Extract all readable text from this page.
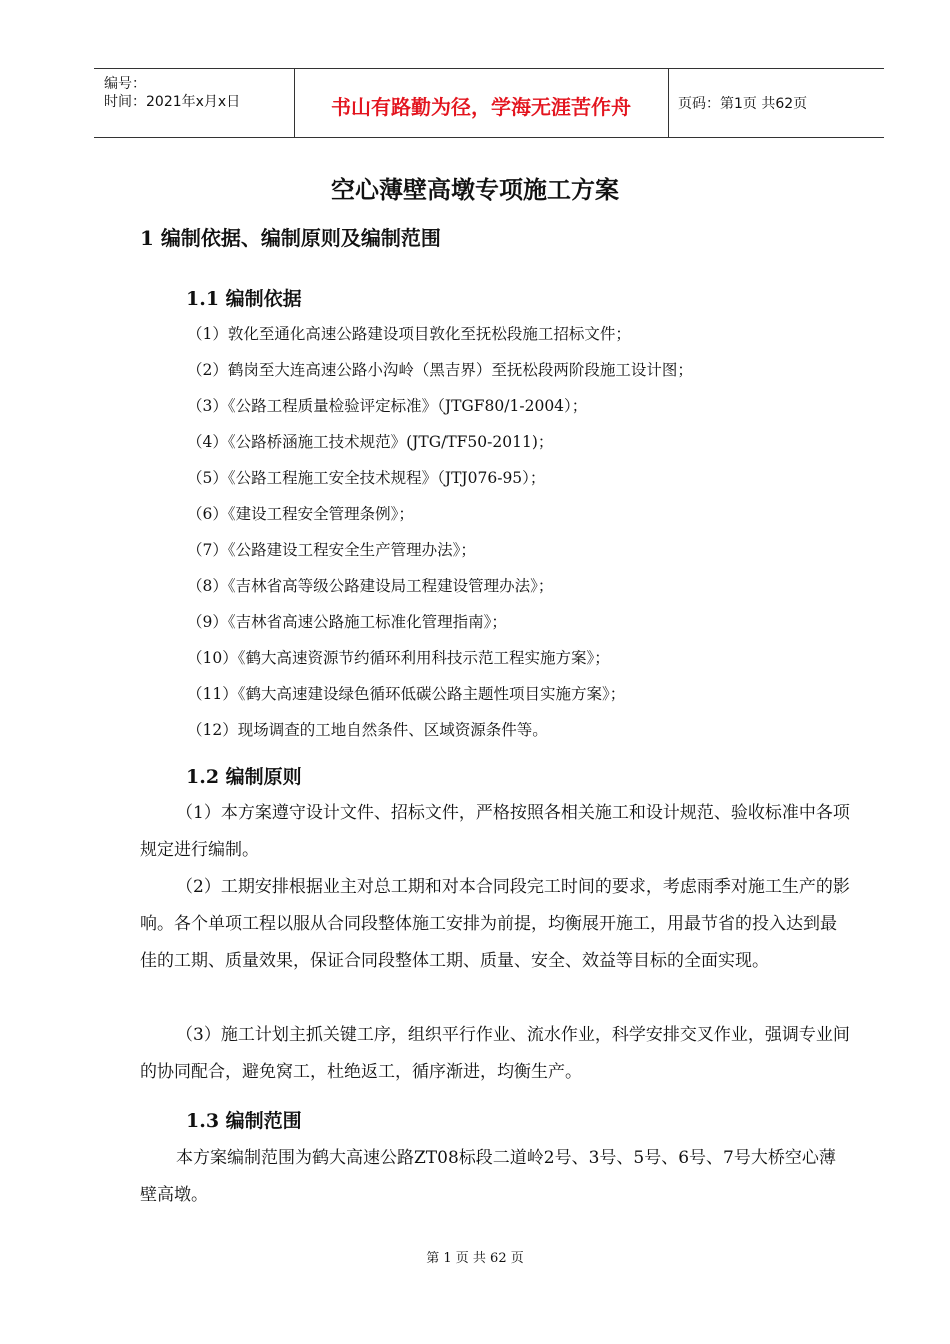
编号：
时间：2021年x月x日	书山有路勤为径，学海无涯苦作舟	页码：第1页 共62页
空心薄壁高墩专项施工方案
1 编制依据、编制原则及编制范围
1.1 编制依据
（1）敦化至通化高速公路建设项目敦化至抚松段施工招标文件；
（2）鹤岗至大连高速公路小沟岭（黑吉界）至抚松段两阶段施工设计图；
（3）《公路工程质量检验评定标准》（JTGF80/1-2004）；
（4）《公路桥涵施工技术规范》(JTG/TF50-2011)；
（5）《公路工程施工安全技术规程》（JTJ076-95）；
（6）《建设工程安全管理条例》；
（7）《公路建设工程安全生产管理办法》；
（8）《吉林省高等级公路建设局工程建设管理办法》；
（9）《吉林省高速公路施工标准化管理指南》；
（10）《鹤大高速资源节约循环利用科技示范工程实施方案》；
（11）《鹤大高速建设绿色循环低碳公路主题性项目实施方案》；
（12）现场调查的工地自然条件、区域资源条件等。
1.2 编制原则

（1）本方案遵守设计文件、招标文件，严格按照各相关施工和设计规范、验收标准中各项规定进行编制。

（2）工期安排根据业主对总工期和对本合同段完工时间的要求，考虑雨季对施工生产的影响。各个单项工程以服从合同段整体施工安排为前提，均衡展开施工，用最节省的投入达到最佳的工期、质量效果，保证合同段整体工期、质量、安全、效益等目标的全面实现。

（3）施工计划主抓关键工序，组织平行作业、流水作业，科学安排交叉作业，强调专业间的协同配合，避免窝工，杜绝返工，循序渐进，均衡生产。

1.3 编制范围

本方案编制范围为鹤大高速公路ZT08标段二道岭2号、3号、5号、6号、7号大桥空心薄壁高墩。

第 1 页 共 62 页
